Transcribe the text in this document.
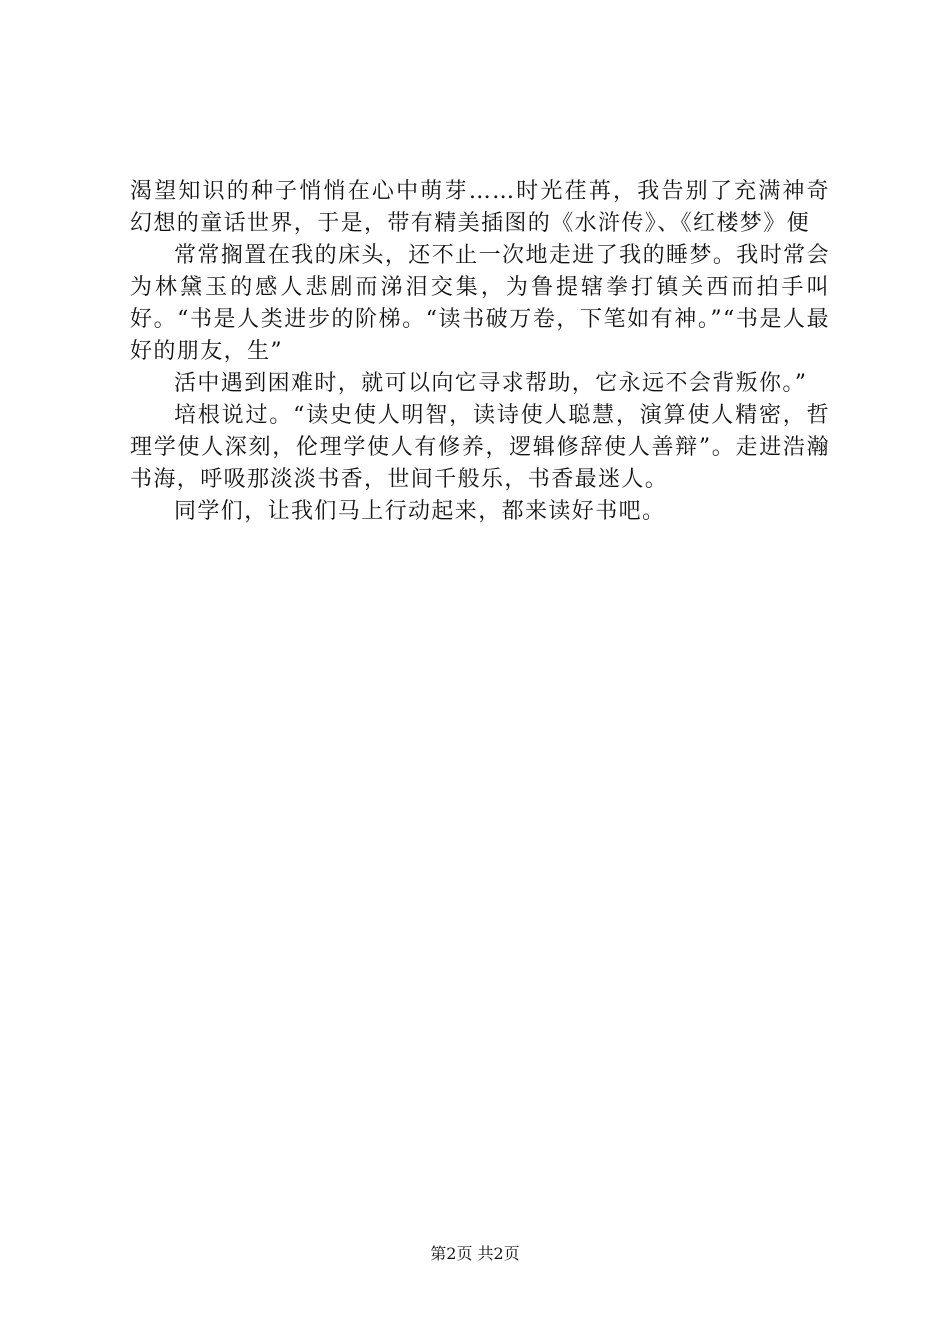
渴望知识的种子悄悄在心中萌芽……时光荏苒，我告别了充满神奇幻想的童话世界，于是，带有精美插图的《水浒传》、《红楼梦》便

常常搁置在我的床头，还不止一次地走进了我的睡梦。我时常会为林黛玉的感人悲剧而涕泪交集，为鲁提辖拳打镇关西而拍手叫好。“书是人类进步的阶梯。“读书破万卷，下笔如有神。”“书是人最好的朋友，生”

活中遇到困难时，就可以向它寻求帮助，它永远不会背叛你。”

培根说过。“读史使人明智，读诗使人聪慧，演算使人精密，哲理学使人深刻，伦理学使人有修养，逻辑修辞使人善辩”。走进浩瀚书海，呼吸那淡淡书香，世间千般乐，书香最迷人。

同学们，让我们马上行动起来，都来读好书吧。

第2页 共2页
